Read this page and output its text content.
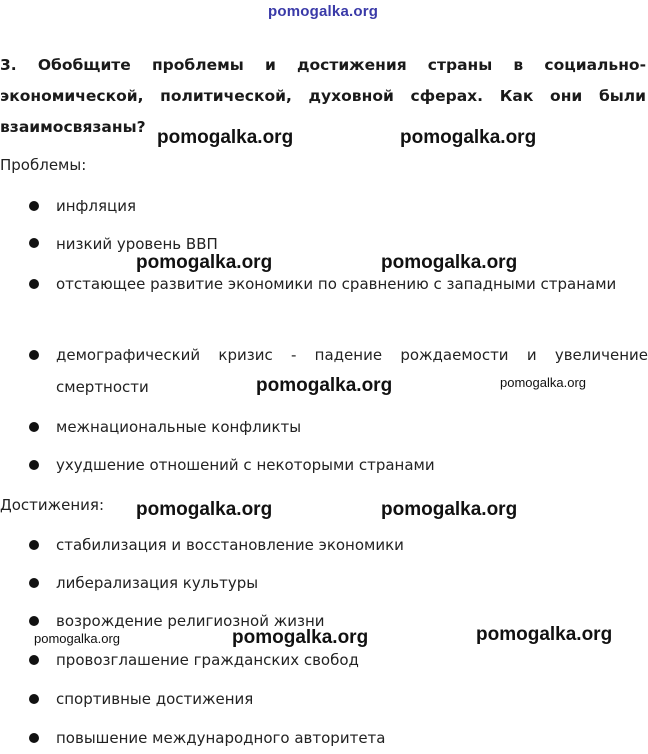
pomogalka.org
3. Обобщите проблемы и достижения страны в социально-экономической, политической, духовной сферах. Как они были взаимосвязаны?
Проблемы:
инфляция
низкий уровень ВВП
отстающее развитие экономики по сравнению с западными странами
демографический кризис - падение рождаемости и увеличение смертности
межнациональные конфликты
ухудшение отношений с некоторыми странами
Достижения:
стабилизация и восстановление экономики
либерализация культуры
возрождение религиозной жизни
провозглашение гражданских свобод
спортивные достижения
повышение международного авторитета
pomogalka.org	pomogalka.org
pomogalka.org	pomogalka.org
pomogalka.org	pomogalka.org
pomogalka.org	pomogalka.org
pomogalka.org	pomogalka.org	pomogalka.org
